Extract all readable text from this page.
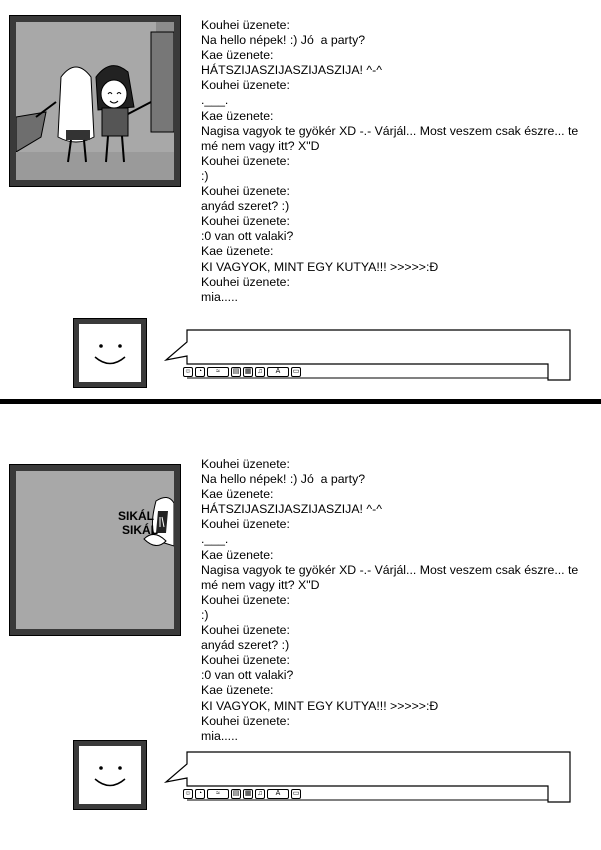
Kouhei üzenete:
Na hello népek! :) Jó  a party?
Kae üzenete:
HÁTSZIJASZIJASZIJASZIJA! ^-^
Kouhei üzenete:
.___.
Kae üzenete:
Nagisa vagyok te gyökér XD -.- Várjál... Most veszem csak észre... te mé nem vagy itt? X"D
Kouhei üzenete:
:)
Kouhei üzenete:
anyád szeret? :)
Kouhei üzenete:
:0 van ott valaki?
Kae üzenete:
KI VAGYOK, MINT EGY KUTYA!!! >>>>>:Đ
Kouhei üzenete:
mia.....
☺ ◔	≈	▤ ▦ ♫	A	▭
SIKÁL
SIKÁL
Kouhei üzenete:
Na hello népek! :) Jó  a party?
Kae üzenete:
HÁTSZIJASZIJASZIJASZIJA! ^-^
Kouhei üzenete:
.___.
Kae üzenete:
Nagisa vagyok te gyökér XD -.- Várjál... Most veszem csak észre... te mé nem vagy itt? X"D
Kouhei üzenete:
:)
Kouhei üzenete:
anyád szeret? :)
Kouhei üzenete:
:0 van ott valaki?
Kae üzenete:
KI VAGYOK, MINT EGY KUTYA!!! >>>>>:Đ
Kouhei üzenete:
mia.....
☺ ◔	≈	▤ ▦ ♫	A	▭
